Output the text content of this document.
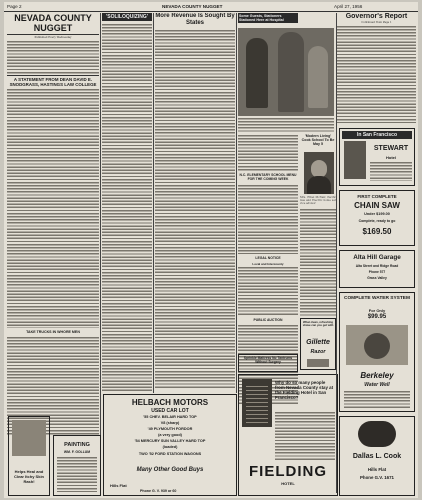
Page 2	NEVADA COUNTY NUGGET	April 27, 1956
NEVADA COUNTY NUGGET
Published Every Wednesday
A STATEMENT FROM DEAN DAVID E. SNODGRASS, HASTINGS LAW COLLEGE
TAKE TRUCKS IN WHORE MEN
Helps Heal and Clear Itchy Skin Rash!
'SOLILOQUIZING'	More Revenue Is Sought By States
PAINTING
WM. F. GOLLUM
HELBACH MOTORS
USED CAR LOT
'55 CHEV. BELAIR HARD TOP
V8 (sharp)
'49 PLYMOUTH FORDOR
(a very good)
'54 MERCURY SUN VALLEY HARD TOP
(loaded)
TWO '52 FORD STATION WAGONS
Many Other Good Buys
Hills Flat
Phone G. V. 939 or 60
Some Guests, Stationers Stationed Here at Hospital
N.C. ELEMENTARY SCHOOL MENU FOR THE COMING WEEK
LEGAL NOTICE
Local and Intercounty
PUBLIC AUCTION
Sprinkle Mattress No Tantrums Without Surgery
'Modern Living' Cook School To Be May 5
Mrs. Ethel McNair, Pacific Gas and Electric home service advisor
What clean, refreshing shave can you get with
Gillette
Razor
Why do so many people from Nevada County stay at the Fielding Hotel in San Francisco?
FIELDING
HOTEL
Governor's Report
Continued from Page 1
In San Francisco
STEWART
Hotel
FIRST COMPLETE
CHAIN SAW
Under $199.00
Complete, ready to go
$169.50
Alta Hill Garage
Alta Street and Ridge Road
Phone 577
Grass Valley
COMPLETE WATER SYSTEM
For Only
$99.95
Berkeley
Water Well
Dallas L. Cook
Hills Flat
Phone G.V. 1671
